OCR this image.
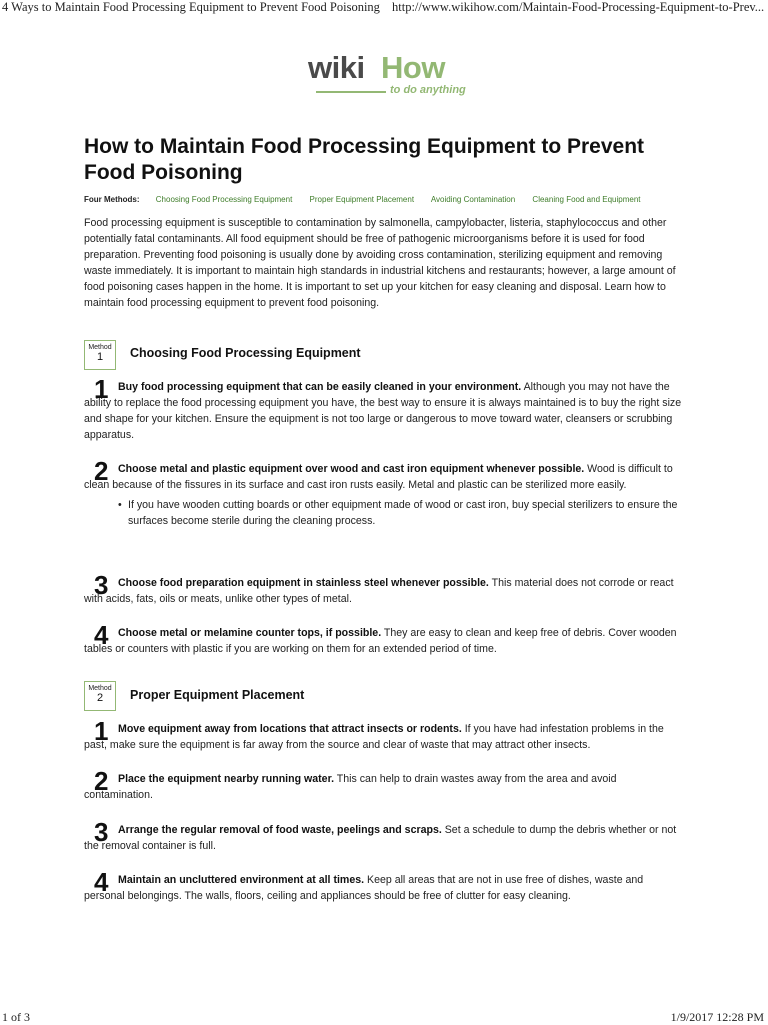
4 Ways to Maintain Food Processing Equipment to Prevent Food Poisoning http://www.wikihow.com/Maintain-Food-Processing-Equipment-to-Prev...
wiki How
to do anything
How to Maintain Food Processing Equipment to Prevent Food Poisoning
Four Methods: Choosing Food Processing Equipment Proper Equipment Placement Avoiding Contamination Cleaning Food and Equipment
Food processing equipment is susceptible to contamination by salmonella, campylobacter, listeria, staphylococcus and other potentially fatal contaminants. All food equipment should be free of pathogenic microorganisms before it is used for food preparation. Preventing food poisoning is usually done by avoiding cross contamination, sterilizing equipment and removing waste immediately. It is important to maintain high standards in industrial kitchens and restaurants; however, a large amount of food poisoning cases happen in the home. It is important to set up your kitchen for easy cleaning and disposal. Learn how to maintain food processing equipment to prevent food poisoning.
Method
1	Choosing Food Processing Equipment
1 Buy food processing equipment that can be easily cleaned in your environment. Although you may not have the ability to replace the food processing equipment you have, the best way to ensure it is always maintained is to buy the right size and shape for your kitchen. Ensure the equipment is not too large or dangerous to move toward water, cleansers or scrubbing apparatus.
2 Choose metal and plastic equipment over wood and cast iron equipment whenever possible. Wood is difficult to clean because of the fissures in its surface and cast iron rusts easily. Metal and plastic can be sterilized more easily.
• If you have wooden cutting boards or other equipment made of wood or cast iron, buy special sterilizers to ensure the surfaces become sterile during the cleaning process.
3 Choose food preparation equipment in stainless steel whenever possible. This material does not corrode or react with acids, fats, oils or meats, unlike other types of metal.
4 Choose metal or melamine counter tops, if possible. They are easy to clean and keep free of debris. Cover wooden tables or counters with plastic if you are working on them for an extended period of time.
Method
2	Proper Equipment Placement
1 Move equipment away from locations that attract insects or rodents. If you have had infestation problems in the past, make sure the equipment is far away from the source and clear of waste that may attract other insects.
2 Place the equipment nearby running water. This can help to drain wastes away from the area and avoid contamination.
3 Arrange the regular removal of food waste, peelings and scraps. Set a schedule to dump the debris whether or not the removal container is full.
4 Maintain an uncluttered environment at all times. Keep all areas that are not in use free of dishes, waste and personal belongings. The walls, floors, ceiling and appliances should be free of clutter for easy cleaning.
1 of 3	1/9/2017 12:28 PM
